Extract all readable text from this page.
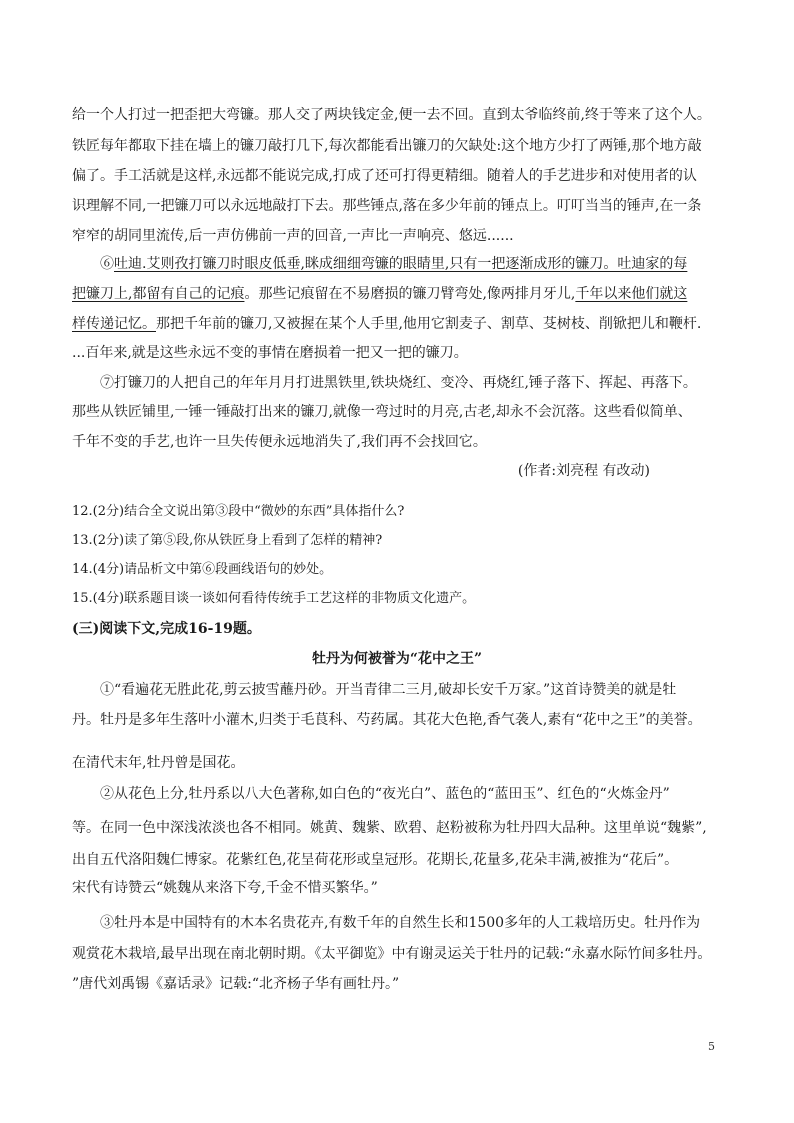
给一个人打过一把歪把大弯镰。那人交了两块钱定金,便一去不回。直到太爷临终前,终于等来了这个人。
铁匠每年都取下挂在墙上的镰刀敲打几下,每次都能看出镰刀的欠缺处:这个地方少打了两锤,那个地方敲
偏了。手工活就是这样,永远都不能说完成,打成了还可打得更精细。随着人的手艺进步和对使用者的认
识理解不同,一把镰刀可以永远地敲打下去。那些锤点,落在多少年前的锤点上。叮叮当当的锤声,在一条
窄窄的胡同里流传,后一声仿佛前一声的回音,一声比一声响亮、悠远......
⑥吐迪.艾则孜打镰刀时眼皮低垂,眯成细细弯镰的眼睛里,只有一把逐渐成形的镰刀。吐迪家的每
把镰刀上,都留有自己的记痕。那些记痕留在不易磨损的镰刀臂弯处,像两排月牙儿,千年以来他们就这
样传递记忆。那把千年前的镰刀,又被握在某个人手里,他用它割麦子、割草、芟树枝、削锨把儿和鞭杆.
...百年来,就是这些永远不变的事情在磨损着一把又一把的镰刀。
⑦打镰刀的人把自己的年年月月打进黑铁里,铁块烧红、变冷、再烧红,锤子落下、挥起、再落下。
那些从铁匠铺里,一锤一锤敲打出来的镰刀,就像一弯过时的月亮,古老,却永不会沉落。这些看似简单、
千年不变的手艺,也许一旦失传便永远地消失了,我们再不会找回它。
(作者:刘亮程 有改动)
12.(2分)结合全文说出第③段中“微妙的东西”具体指什么?
13.(2分)读了第⑤段,你从铁匠身上看到了怎样的精神?
14.(4分)请品析文中第⑥段画线语句的妙处。
15.(4分)联系题目谈一谈如何看待传统手工艺这样的非物质文化遗产。
(三)阅读下文,完成16-19题。
牡丹为何被誉为“花中之王”
①“看遍花无胜此花,剪云披雪蘸丹砂。开当青律二三月,破却长安千万家。”这首诗赞美的就是牡
丹。牡丹是多年生落叶小灌木,归类于毛茛科、芍药属。其花大色艳,香气袭人,素有“花中之王”的美誉。
在清代末年,牡丹曾是国花。
②从花色上分,牡丹系以八大色著称,如白色的“夜光白”、蓝色的“蓝田玉”、红色的“火炼金丹”
等。在同一色中深浅浓淡也各不相同。姚黄、魏紫、欧碧、赵粉被称为牡丹四大品种。这里单说“魏紫”,
出自五代洛阳魏仁博家。花紫红色,花呈荷花形或皇冠形。花期长,花量多,花朵丰满,被推为“花后”。
宋代有诗赞云“姚魏从来洛下夸,千金不惜买繁华。”
③牡丹本是中国特有的木本名贵花卉,有数千年的自然生长和1500多年的人工栽培历史。牡丹作为
观赏花木栽培,最早出现在南北朝时期。《太平御览》中有谢灵运关于牡丹的记载:“永嘉水际竹间多牡丹。
”唐代刘禹锡《嘉话录》记载:“北齐杨子华有画牡丹。”
5
